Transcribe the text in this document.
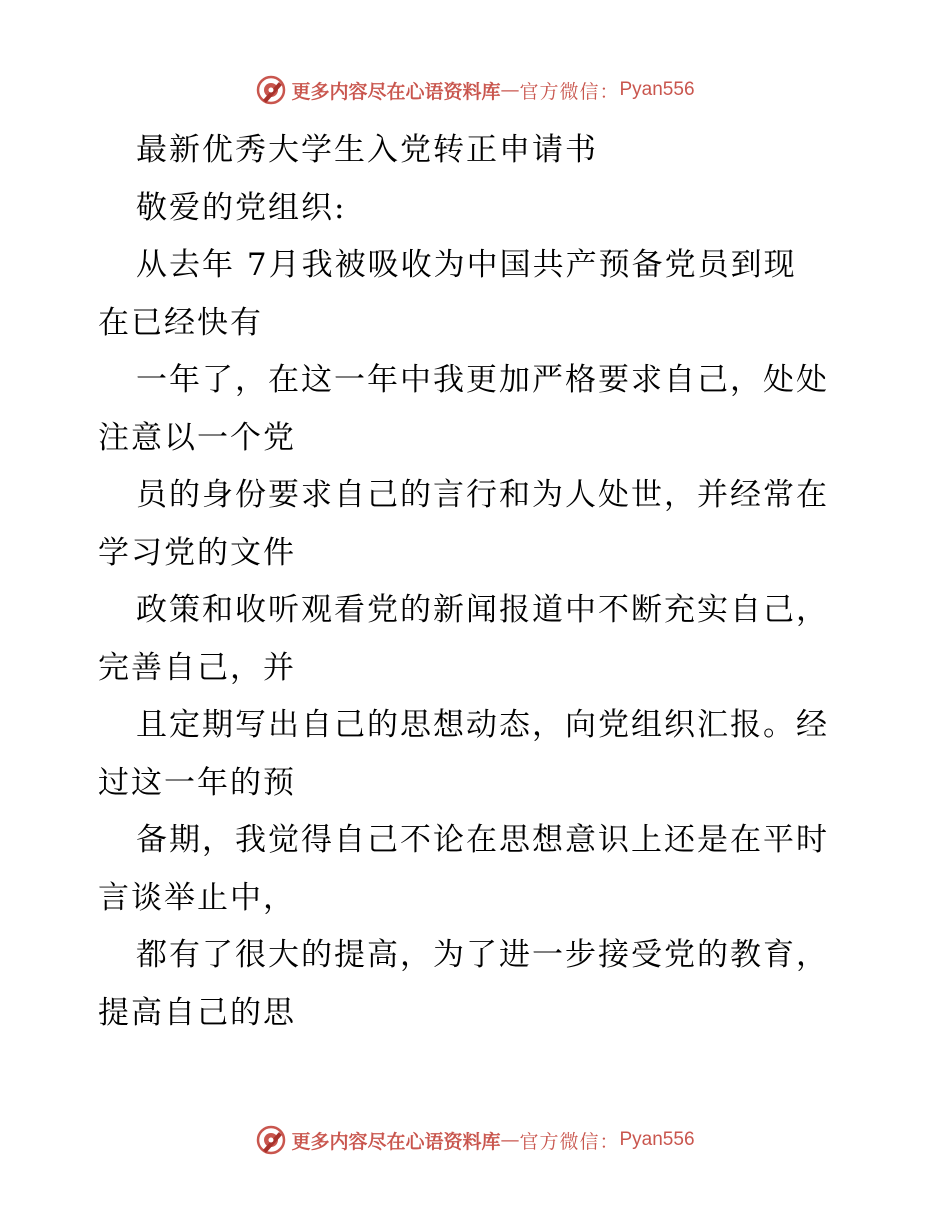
更多内容尽在心语资料库 — 官方微信： Pyan556
最新优秀大学生入党转正申请书
敬爱的党组织:
从去年 7月我被吸收为中国共产预备党员到现
在已经快有
一年了，在这一年中我更加严格要求自己，处处
注意以一个党
员的身份要求自己的言行和为人处世，并经常在
学习党的文件
政策和收听观看党的新闻报道中不断充实自己，
完善自己，并
且定期写出自己的思想动态，向党组织汇报。经
过这一年的预
备期，我觉得自己不论在思想意识上还是在平时
言谈举止中，
都有了很大的提高，为了进一步接受党的教育，
提高自己的思
更多内容尽在心语资料库 — 官方微信： Pyan556
